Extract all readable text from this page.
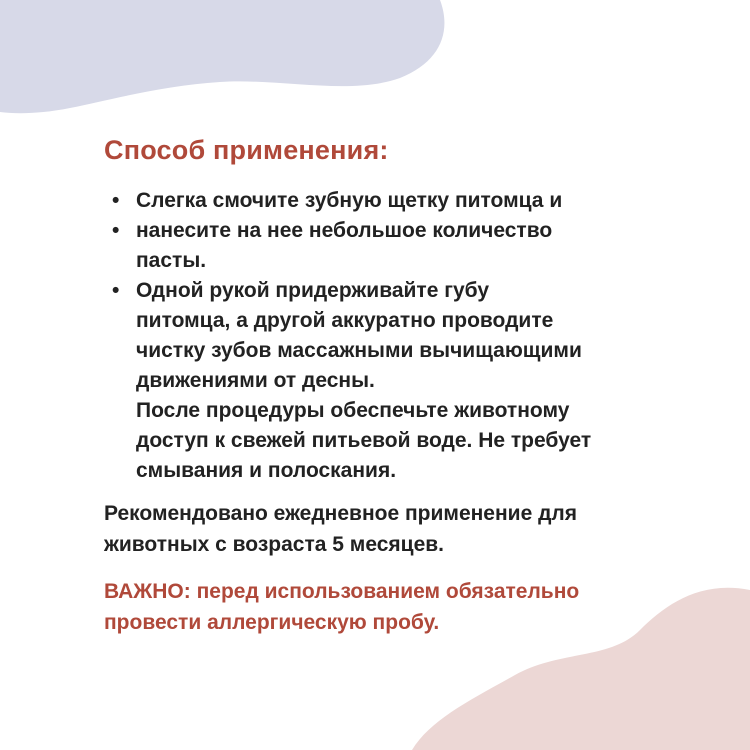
Способ применения:
• Слегка смочите зубную щетку питомца и
• нанесите на нее небольшое количество
пасты.
• Одной рукой придерживайте губу
питомца, а другой аккуратно проводите
чистку зубов массажными вычищающими
движениями от десны.
После процедуры обеспечьте животному
доступ к свежей питьевой воде. Не требует
смывания и полоскания.

Рекомендовано ежедневное применение для
животных с возраста 5 месяцев.

ВАЖНО: перед использованием обязательно
провести аллергическую пробу.
